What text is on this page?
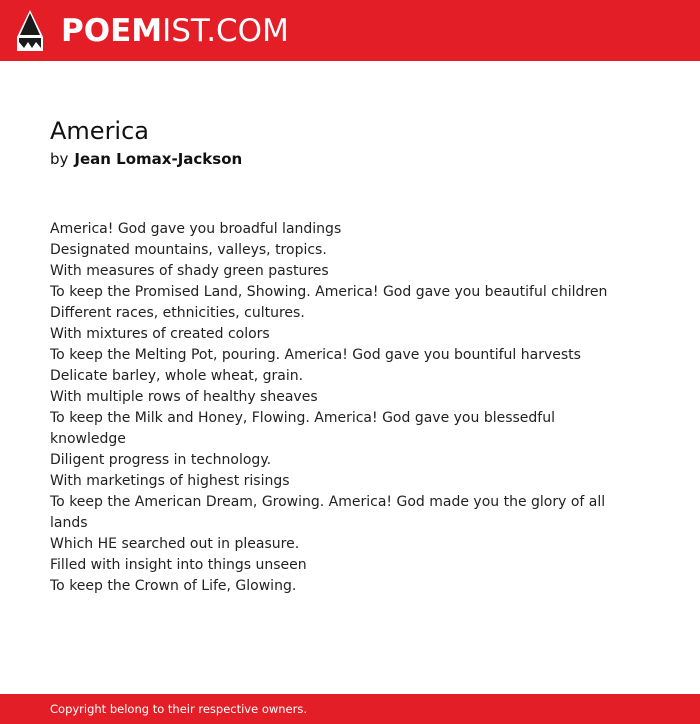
POEMIST.COM
America
by Jean Lomax-Jackson
America! God gave you broadful landings
Designated mountains, valleys, tropics.
With measures of shady green pastures
To keep the Promised Land, Showing. America! God gave you beautiful children
Different races, ethnicities, cultures.
With mixtures of created colors
To keep the Melting Pot, pouring. America! God gave you bountiful harvests
Delicate barley, whole wheat, grain.
With multiple rows of healthy sheaves
To keep the Milk and Honey, Flowing. America! God gave you blessedful knowledge
Diligent progress in technology.
With marketings of highest risings
To keep the American Dream, Growing. America! God made you the glory of all lands
Which HE searched out in pleasure.
Filled with insight into things unseen
To keep the Crown of Life, Glowing.
Copyright belong to their respective owners.
